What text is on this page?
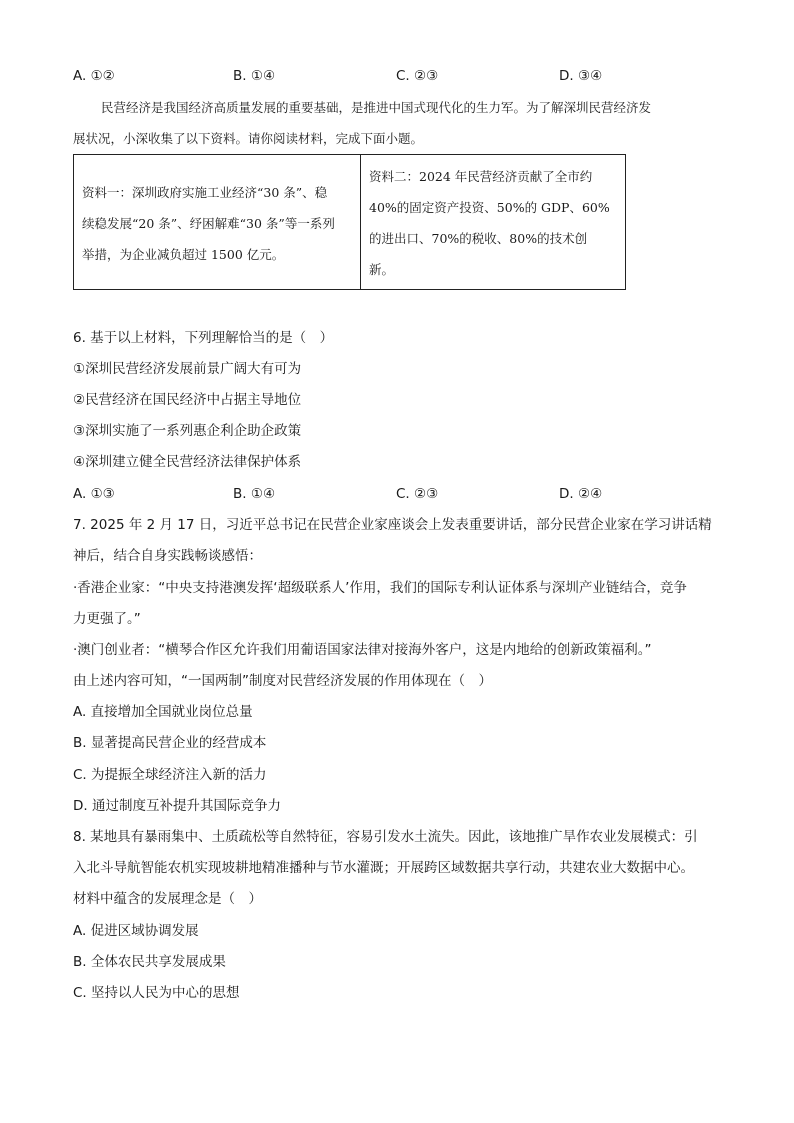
A. ①②	B. ①④	C. ②③	D. ③④
民营经济是我国经济高质量发展的重要基础，是推进中国式现代化的生力军。为了解深圳民营经济发
展状况，小深收集了以下资料。请你阅读材料，完成下面小题。
资料一：深圳政府实施工业经济“30 条”、稳
续稳发展“20 条”、纾困解难“30 条”等一系列
举措，为企业减负超过 1500 亿元。
资料二：2024 年民营经济贡献了全市约
40%的固定资产投资、50%的 GDP、60%
的进出口、70%的税收、80%的技术创
新。
6. 基于以上材料，下列理解恰当的是（　）
①深圳民营经济发展前景广阔大有可为
②民营经济在国民经济中占据主导地位
③深圳实施了一系列惠企利企助企政策
④深圳建立健全民营经济法律保护体系
A. ①③	B. ①④	C. ②③	D. ②④
7. 2025 年 2 月 17 日，习近平总书记在民营企业家座谈会上发表重要讲话，部分民营企业家在学习讲话精
神后，结合自身实践畅谈感悟：
·香港企业家：“中央支持港澳发挥‘超级联系人’作用，我们的国际专利认证体系与深圳产业链结合，竞争
力更强了。”
·澳门创业者：“横琴合作区允许我们用葡语国家法律对接海外客户，这是内地给的创新政策福利。”
由上述内容可知，“一国两制”制度对民营经济发展的作用体现在（　）
A. 直接增加全国就业岗位总量
B. 显著提高民营企业的经营成本
C. 为提振全球经济注入新的活力
D. 通过制度互补提升其国际竞争力
8. 某地具有暴雨集中、土质疏松等自然特征，容易引发水土流失。因此，该地推广旱作农业发展模式：引
入北斗导航智能农机实现坡耕地精准播种与节水灌溉；开展跨区域数据共享行动，共建农业大数据中心。
材料中蕴含的发展理念是（　）
A. 促进区域协调发展
B. 全体农民共享发展成果
C. 坚持以人民为中心的思想
